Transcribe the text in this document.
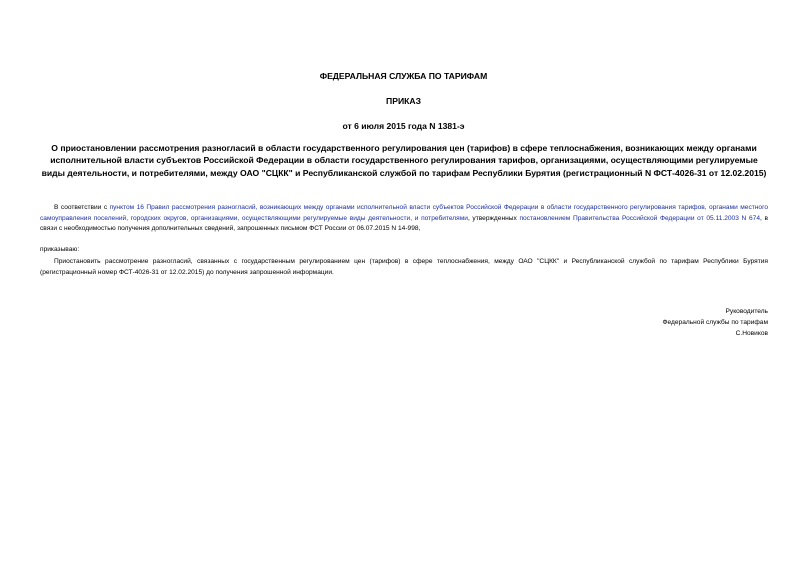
ФЕДЕРАЛЬНАЯ СЛУЖБА ПО ТАРИФАМ
ПРИКАЗ
от 6 июля 2015 года N 1381-э
О приостановлении рассмотрения разногласий в области государственного регулирования цен (тарифов) в сфере теплоснабжения, возникающих между органами исполнительной власти субъектов Российской Федерации в области государственного регулирования тарифов, организациями, осуществляющими регулируемые виды деятельности, и потребителями, между ОАО "СЦКК" и Республиканской службой по тарифам Республики Бурятия (регистрационный N ФСТ-4026-31 от 12.02.2015)
В соответствии с пунктом 16 Правил рассмотрения разногласий, возникающих между органами исполнительной власти субъектов Российской Федерации в области государственного регулирования тарифов, органами местного самоуправления поселений, городских округов, организациями, осуществляющими регулируемые виды деятельности, и потребителями, утвержденных постановлением Правительства Российской Федерации от 05.11.2003 N 674, в связи с необходимостью получения дополнительных сведений, запрошенных письмом ФСТ России от 06.07.2015 N 14-998,
приказываю:
Приостановить рассмотрение разногласий, связанных с государственным регулированием цен (тарифов) в сфере теплоснабжения, между ОАО "СЦКК" и Республиканской службой по тарифам Республики Бурятия (регистрационный номер ФСТ-4026-31 от 12.02.2015) до получения запрошенной информации.
Руководитель
Федеральной службы по тарифам
С.Новиков
